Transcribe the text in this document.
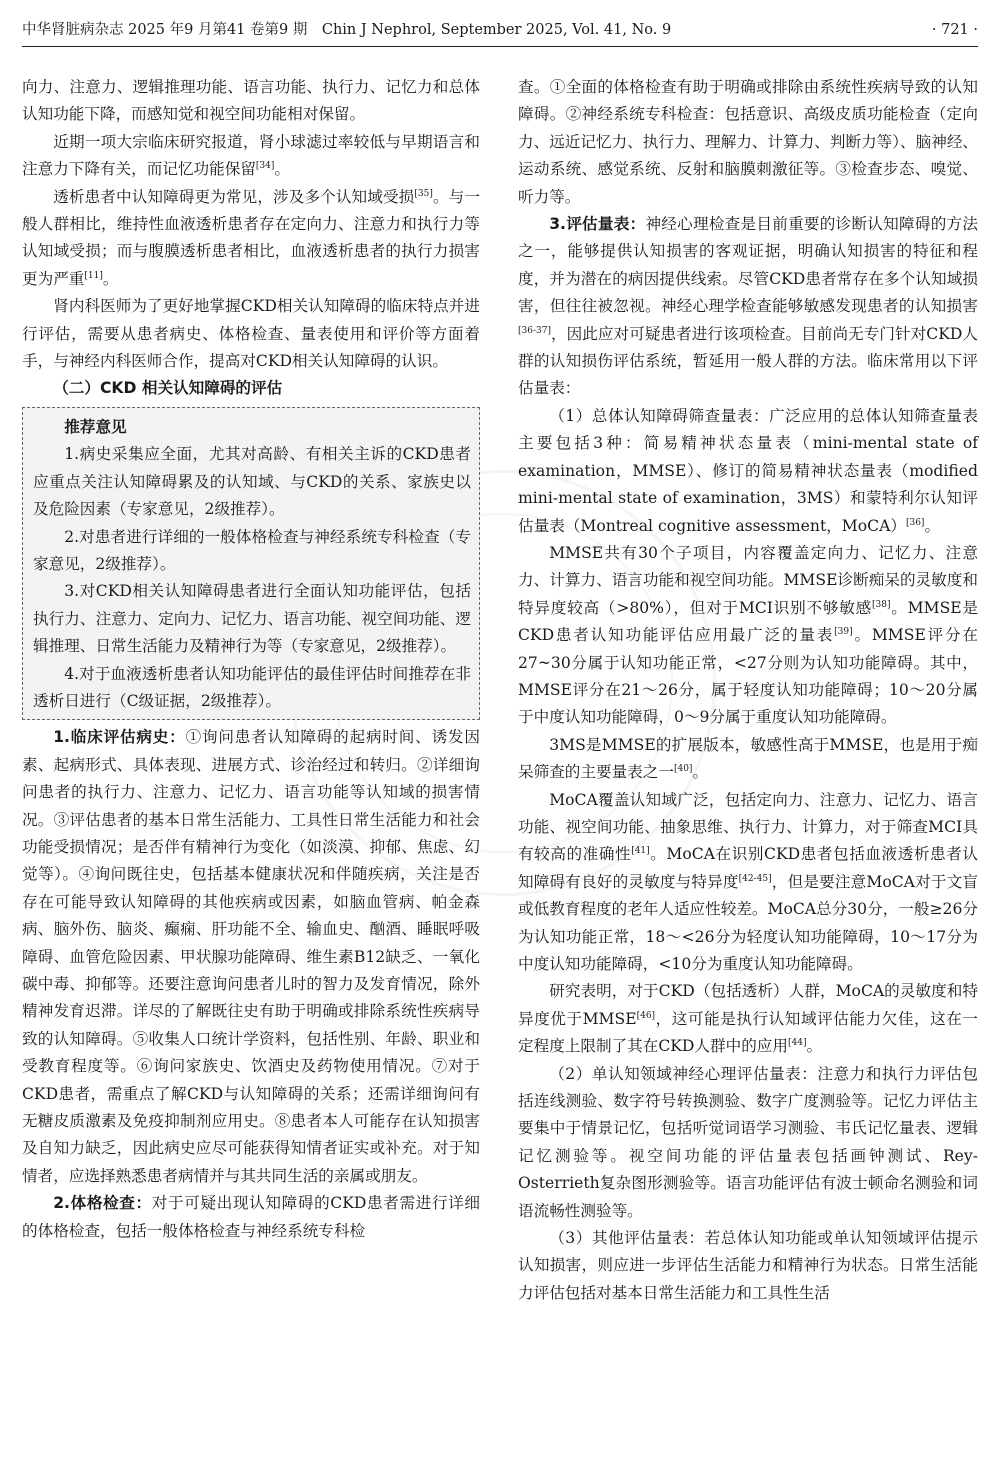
中华肾脏病杂志 2025 年9 月第41 卷第9 期　Chin J Nephrol, September 2025, Vol. 41, No. 9	· 721 ·

向力、注意力、逻辑推理功能、语言功能、执行力、记忆力和总体认知功能下降，而感知觉和视空间功能相对保留。

近期一项大宗临床研究报道，肾小球滤过率较低与早期语言和注意力下降有关，而记忆功能保留[34]。

透析患者中认知障碍更为常见，涉及多个认知域受损[35]。与一般人群相比，维持性血液透析患者存在定向力、注意力和执行力等认知域受损；而与腹膜透析患者相比，血液透析患者的执行力损害更为严重[11]。

肾内科医师为了更好地掌握CKD相关认知障碍的临床特点并进行评估，需要从患者病史、体格检查、量表使用和评价等方面着手，与神经内科医师合作，提高对CKD相关认知障碍的认识。

（二）CKD 相关认知障碍的评估

推荐意见

1.病史采集应全面，尤其对高龄、有相关主诉的CKD患者应重点关注认知障碍累及的认知域、与CKD的关系、家族史以及危险因素（专家意见，2级推荐）。

2.对患者进行详细的一般体格检查与神经系统专科检查（专家意见，2级推荐）。

3.对CKD相关认知障碍患者进行全面认知功能评估，包括执行力、注意力、定向力、记忆力、语言功能、视空间功能、逻辑推理、日常生活能力及精神行为等（专家意见，2级推荐）。

4.对于血液透析患者认知功能评估的最佳评估时间推荐在非透析日进行（C级证据，2级推荐）。

1.临床评估病史：①询问患者认知障碍的起病时间、诱发因素、起病形式、具体表现、进展方式、诊治经过和转归。②详细询问患者的执行力、注意力、记忆力、语言功能等认知域的损害情况。③评估患者的基本日常生活能力、工具性日常生活能力和社会功能受损情况；是否伴有精神行为变化（如淡漠、抑郁、焦虑、幻觉等）。④询问既往史，包括基本健康状况和伴随疾病，关注是否存在可能导致认知障碍的其他疾病或因素，如脑血管病、帕金森病、脑外伤、脑炎、癫痫、肝功能不全、输血史、酗酒、睡眠呼吸障碍、血管危险因素、甲状腺功能障碍、维生素B12缺乏、一氧化碳中毒、抑郁等。还要注意询问患者儿时的智力及发育情况，除外精神发育迟滞。详尽的了解既往史有助于明确或排除系统性疾病导致的认知障碍。⑤收集人口统计学资料，包括性别、年龄、职业和受教育程度等。⑥询问家族史、饮酒史及药物使用情况。⑦对于CKD患者，需重点了解CKD与认知障碍的关系；还需详细询问有无糖皮质激素及免疫抑制剂应用史。⑧患者本人可能存在认知损害及自知力缺乏，因此病史应尽可能获得知情者证实或补充。对于知情者，应选择熟悉患者病情并与其共同生活的亲属或朋友。

2.体格检查：对于可疑出现认知障碍的CKD患者需进行详细的体格检查，包括一般体格检查与神经系统专科检

查。①全面的体格检查有助于明确或排除由系统性疾病导致的认知障碍。②神经系统专科检查：包括意识、高级皮质功能检查（定向力、远近记忆力、执行力、理解力、计算力、判断力等）、脑神经、运动系统、感觉系统、反射和脑膜刺激征等。③检查步态、嗅觉、听力等。

3.评估量表：神经心理检查是目前重要的诊断认知障碍的方法之一，能够提供认知损害的客观证据，明确认知损害的特征和程度，并为潜在的病因提供线索。尽管CKD患者常存在多个认知域损害，但往往被忽视。神经心理学检查能够敏感发现患者的认知损害[36-37]，因此应对可疑患者进行该项检查。目前尚无专门针对CKD人群的认知损伤评估系统，暂延用一般人群的方法。临床常用以下评估量表：

（1）总体认知障碍筛查量表：广泛应用的总体认知筛查量表主要包括3种：简易精神状态量表（mini-mental state of examination，MMSE）、修订的简易精神状态量表（modified mini-mental state of examination，3MS）和蒙特利尔认知评估量表（Montreal cognitive assessment，MoCA）[36]。

MMSE共有30个子项目，内容覆盖定向力、记忆力、注意力、计算力、语言功能和视空间功能。MMSE诊断痴呆的灵敏度和特异度较高（>80%），但对于MCI识别不够敏感[38]。MMSE是CKD患者认知功能评估应用最广泛的量表[39]。MMSE评分在27~30分属于认知功能正常，<27分则为认知功能障碍。其中，MMSE评分在21～26分，属于轻度认知功能障碍；10～20分属于中度认知功能障碍，0～9分属于重度认知功能障碍。

3MS是MMSE的扩展版本，敏感性高于MMSE，也是用于痴呆筛查的主要量表之一[40]。

MoCA覆盖认知域广泛，包括定向力、注意力、记忆力、语言功能、视空间功能、抽象思维、执行力、计算力，对于筛查MCI具有较高的准确性[41]。MoCA在识别CKD患者包括血液透析患者认知障碍有良好的灵敏度与特异度[42-45]，但是要注意MoCA对于文盲或低教育程度的老年人适应性较差。MoCA总分30分，一般≥26分为认知功能正常，18～<26分为轻度认知功能障碍，10～17分为中度认知功能障碍，<10分为重度认知功能障碍。

研究表明，对于CKD（包括透析）人群，MoCA的灵敏度和特异度优于MMSE[46]，这可能是执行认知域评估能力欠佳，这在一定程度上限制了其在CKD人群中的应用[44]。

（2）单认知领域神经心理评估量表：注意力和执行力评估包括连线测验、数字符号转换测验、数字广度测验等。记忆力评估主要集中于情景记忆，包括听觉词语学习测验、韦氏记忆量表、逻辑记忆测验等。视空间功能的评估量表包括画钟测试、Rey-Osterrieth复杂图形测验等。语言功能评估有波士顿命名测验和词语流畅性测验等。

（3）其他评估量表：若总体认知功能或单认知领域评估提示认知损害，则应进一步评估生活能力和精神行为状态。日常生活能力评估包括对基本日常生活能力和工具性生活
